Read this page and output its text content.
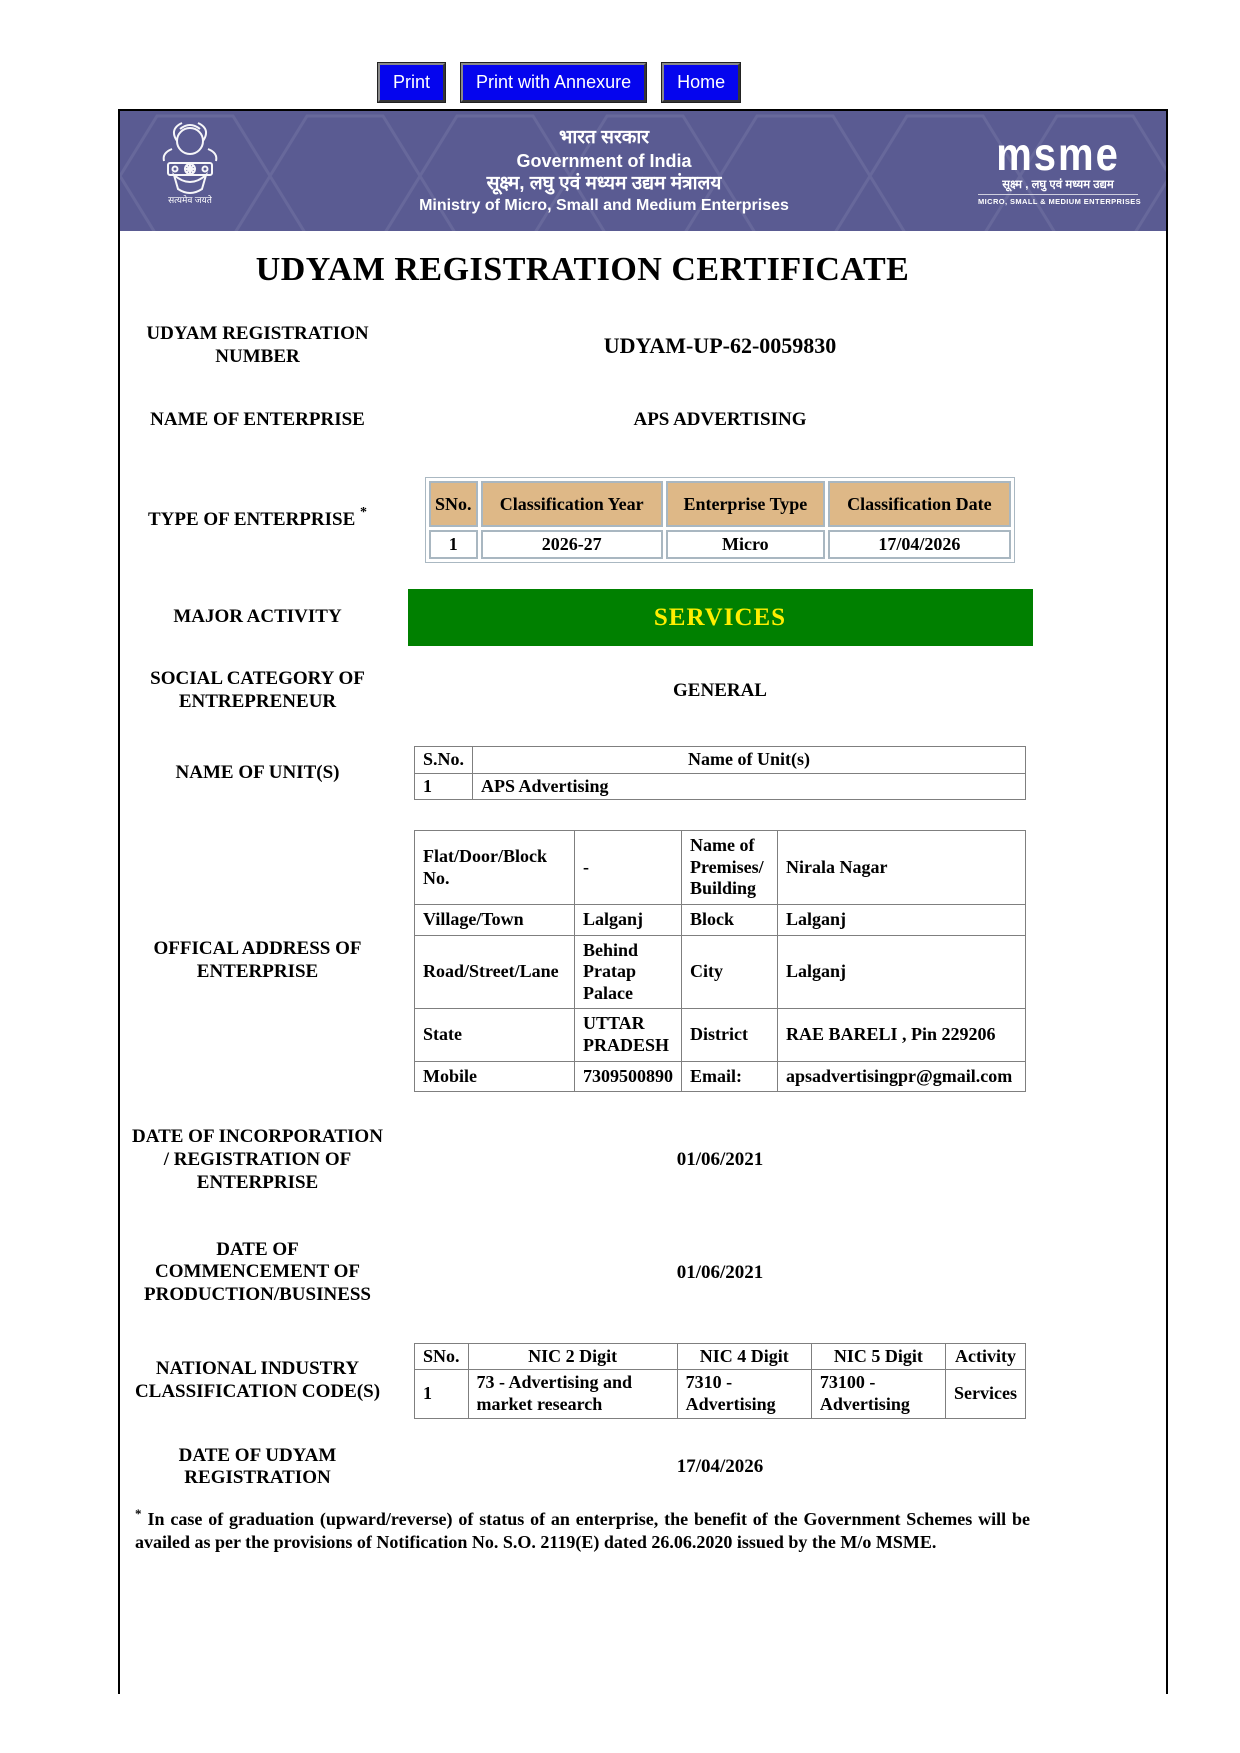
Print	Print with Annexure	Home
सत्यमेव जयते
भारत सरकार
Government of India
सूक्ष्म, लघु एवं मध्यम उद्यम मंत्रालय
Ministry of Micro, Small and Medium Enterprises
msme
सूक्ष्म , लघु एवं मध्यम उद्यम
MICRO, SMALL & MEDIUM ENTERPRISES
UDYAM REGISTRATION CERTIFICATE
UDYAM REGISTRATION NUMBER	UDYAM-UP-62-0059830
NAME OF ENTERPRISE	APS ADVERTISING
TYPE OF ENTERPRISE *	SNo.	Classification Year	Enterprise Type	Classification Date
1	2026-27	Micro	17/04/2026
MAJOR ACTIVITY	SERVICES
SOCIAL CATEGORY OF ENTREPRENEUR
GENERAL
NAME OF UNIT(S)
S.No.	Name of Unit(s)
1	APS Advertising
OFFICAL ADDRESS OF ENTERPRISE
Flat/Door/Block No.	-	Name of Premises/ Building	Nirala Nagar
Village/Town	Lalganj	Block	Lalganj
Road/Street/Lane	Behind Pratap Palace	City	Lalganj
State	UTTAR PRADESH	District	RAE BARELI , Pin 229206
Mobile	7309500890	Email:	apsadvertisingpr@gmail.com
DATE OF INCORPORATION / REGISTRATION OF ENTERPRISE
01/06/2021
DATE OF COMMENCEMENT OF PRODUCTION/BUSINESS
01/06/2021
NATIONAL INDUSTRY CLASSIFICATION CODE(S)
SNo.	NIC 2 Digit	NIC 4 Digit	NIC 5 Digit	Activity
1	73 - Advertising and market research	7310 - Advertising	73100 - Advertising	Services
DATE OF UDYAM REGISTRATION
17/04/2026
* In case of graduation (upward/reverse) of status of an enterprise, the benefit of the Government Schemes will be availed as per the provisions of Notification No. S.O. 2119(E) dated 26.06.2020 issued by the M/o MSME.
